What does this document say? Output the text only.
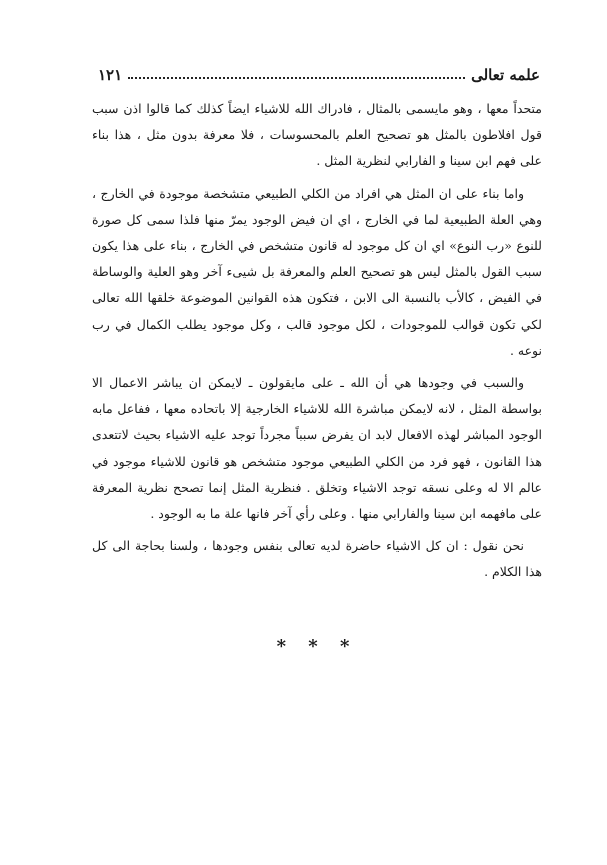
علمه تعالى
١٢١

متحداً معها ، وهو مايسمى بالمثال ، فادراك الله للاشياء ايضاً كذلك كما قالوا اذن سبب قول افلاطون بالمثل هو تصحيح العلم بالمحسوسات ، فلا معرفة بدون مثل ، هذا بناء على فهم ابن سينا و الفارابي لنظرية المثل .

واما بناء على ان المثل هي افراد من الكلي الطبيعي متشخصة موجودة في الخارج ، وهي العلة الطبيعية لما في الخارج ، اي ان فيض الوجود يمرّ منها فلذا سمى كل صورة للنوع «رب النوع» اي ان كل موجود له قانون متشخص في الخارج ، بناء على هذا يكون سبب القول بالمثل ليس هو تصحيح العلم والمعرفة بل شيىء آخر وهو العلية والوساطة في الفيض ، كالأب بالنسبة الى الابن ، فتكون هذه القوانين الموضوعة خلقها الله تعالى لكي تكون قوالب للموجودات ، لكل موجود قالب ، وكل موجود يطلب الكمال في رب نوعه .

والسبب في وجودها هي أن الله ـ على مايقولون ـ لايمكن ان يباشر الاعمال الا بواسطة المثل ، لانه لايمكن مباشرة الله للاشياء الخارجية إلا باتحاده معها ، ففاعل مابه الوجود المباشر لهذه الافعال لابد ان يفرض سبباً مجرداً توجد عليه الاشياء بحيث لاتتعدى هذا القانون ، فهو فرد من الكلي الطبيعي موجود متشخص هو قانون للاشياء موجود في عالم الا له وعلى نسقه توجد الاشياء وتخلق . فنظرية المثل إنما تصحح نظرية المعرفة على مافهمه ابن سينا والفارابي منها . وعلى رأي آخر فانها علة ما به الوجود .

نحن نقول : ان كل الاشياء حاضرة لديه تعالى بنفس وجودها ، ولسنا بحاجة الى كل هذا الكلام .

* * *
